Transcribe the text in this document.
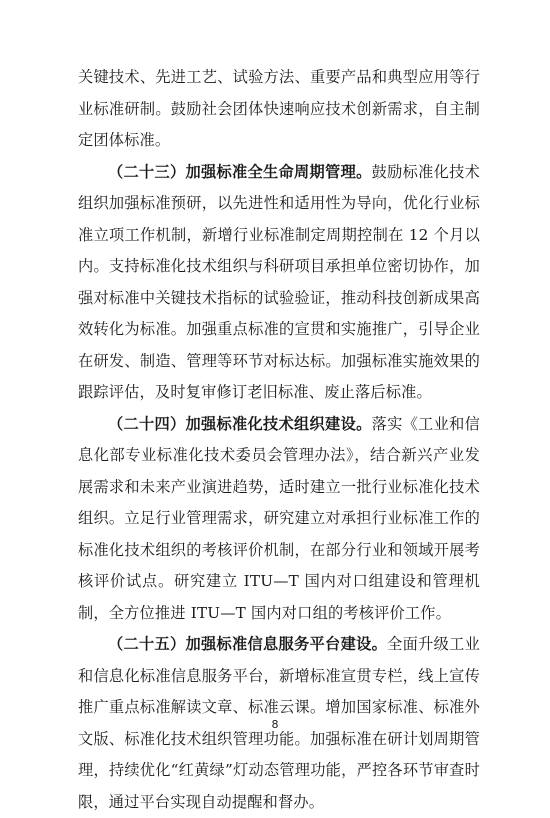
关键技术、先进工艺、试验方法、重要产品和典型应用等行业标准研制。鼓励社会团体快速响应技术创新需求，自主制定团体标准。

（二十三）加强标准全生命周期管理。鼓励标准化技术组织加强标准预研，以先进性和适用性为导向，优化行业标准立项工作机制，新增行业标准制定周期控制在 12 个月以内。支持标准化技术组织与科研项目承担单位密切协作，加强对标准中关键技术指标的试验验证，推动科技创新成果高效转化为标准。加强重点标准的宣贯和实施推广，引导企业在研发、制造、管理等环节对标达标。加强标准实施效果的跟踪评估，及时复审修订老旧标准、废止落后标准。

（二十四）加强标准化技术组织建设。落实《工业和信息化部专业标准化技术委员会管理办法》，结合新兴产业发展需求和未来产业演进趋势，适时建立一批行业标准化技术组织。立足行业管理需求，研究建立对承担行业标准工作的标准化技术组织的考核评价机制，在部分行业和领域开展考核评价试点。研究建立 ITU—T 国内对口组建设和管理机制，全方位推进 ITU—T 国内对口组的考核评价工作。

（二十五）加强标准信息服务平台建设。全面升级工业和信息化标准信息服务平台，新增标准宣贯专栏，线上宣传推广重点标准解读文章、标准云课。增加国家标准、标准外文版、标准化技术组织管理功能。加强标准在研计划周期管理，持续优化“红黄绿”灯动态管理功能，严控各环节审查时限，通过平台实现自动提醒和督办。

8
